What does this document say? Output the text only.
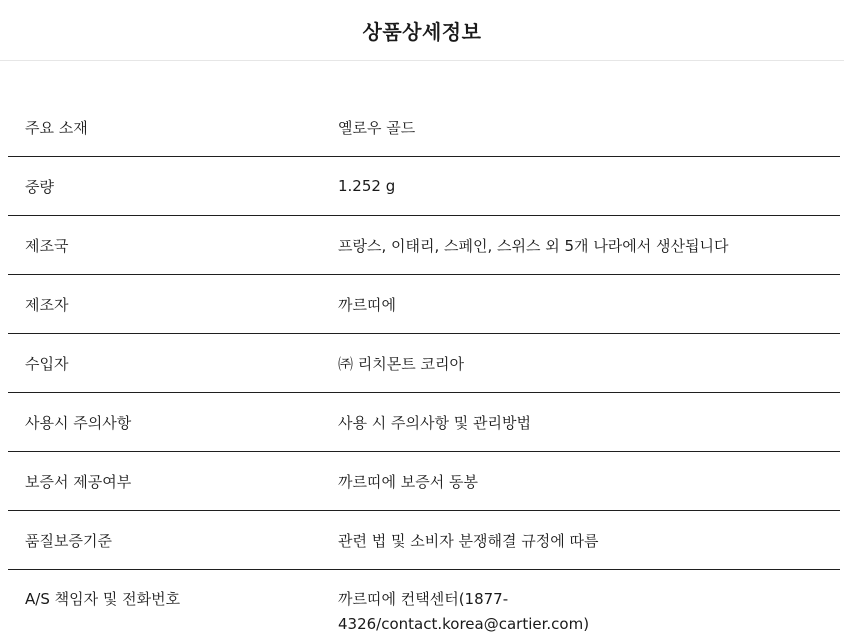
상품상세정보
주요 소재	옐로우 골드
중량	1.252 g
제조국	프랑스, 이태리, 스페인, 스위스 외 5개 나라에서 생산됩니다
제조자	까르띠에
수입자	㈜ 리치몬트 코리아
사용시 주의사항	사용 시 주의사항 및 관리방법
보증서 제공여부	까르띠에 보증서 동봉
품질보증기준	관련 법 및 소비자 분쟁해결 규정에 따름
A/S 책임자 및 전화번호	까르띠에 컨택센터(1877-
4326/contact.korea@cartier.com)
